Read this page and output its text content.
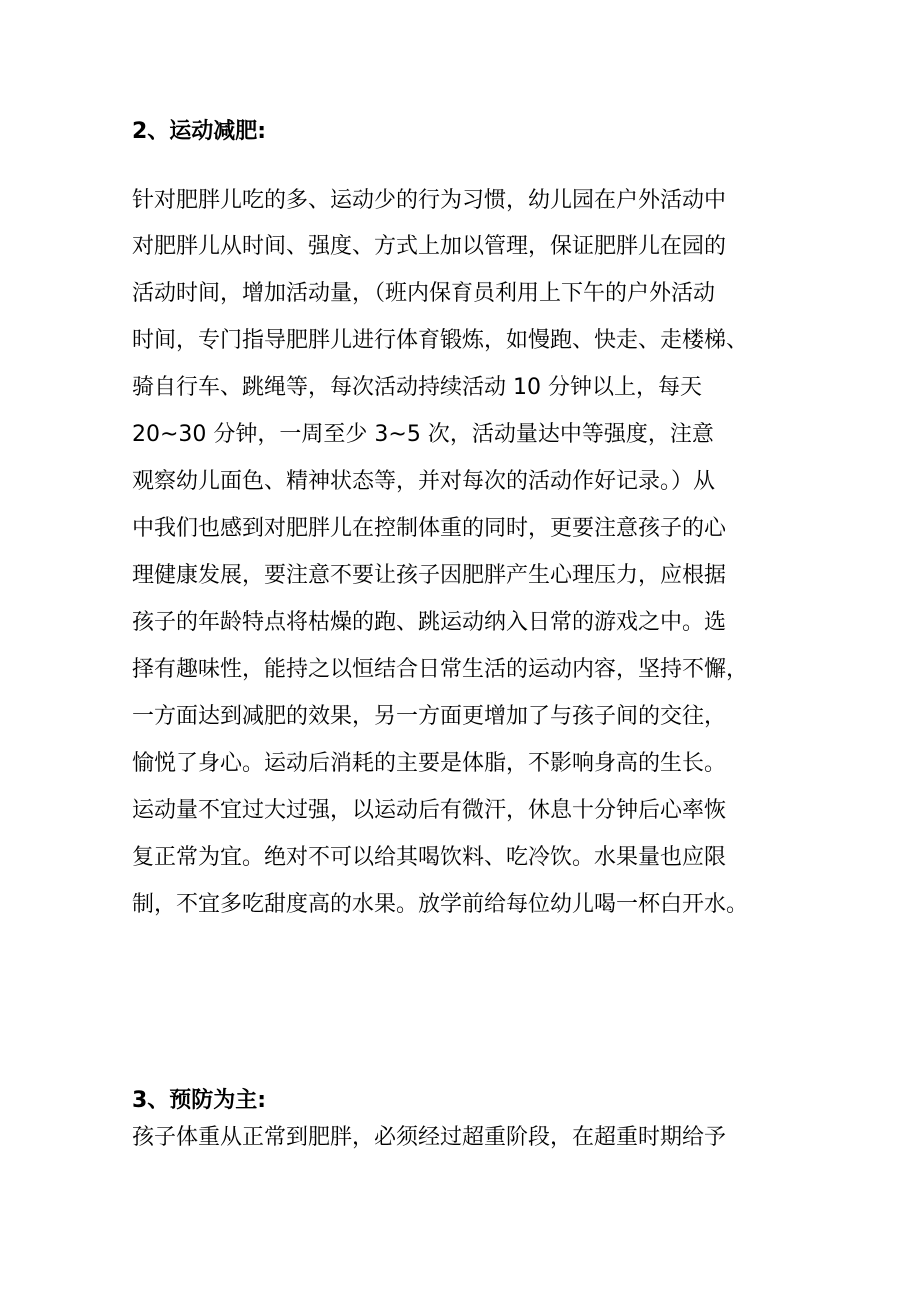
2、运动减肥:
针对肥胖儿吃的多、运动少的行为习惯，幼儿园在户外活动中
对肥胖儿从时间、强度、方式上加以管理，保证肥胖儿在园的
活动时间，增加活动量，（班内保育员利用上下午的户外活动
时间，专门指导肥胖儿进行体育锻炼，如慢跑、快走、走楼梯、
骑自行车、跳绳等，每次活动持续活动 10 分钟以上，每天
20~30 分钟，一周至少 3~5 次，活动量达中等强度，注意
观察幼儿面色、精神状态等，并对每次的活动作好记录。）从
中我们也感到对肥胖儿在控制体重的同时，更要注意孩子的心
理健康发展，要注意不要让孩子因肥胖产生心理压力，应根据
孩子的年龄特点将枯燥的跑、跳运动纳入日常的游戏之中。选
择有趣味性，能持之以恒结合日常生活的运动内容，坚持不懈，
一方面达到减肥的效果，另一方面更增加了与孩子间的交往，
愉悦了身心。运动后消耗的主要是体脂，不影响身高的生长。
运动量不宜过大过强，以运动后有微汗，休息十分钟后心率恢
复正常为宜。绝对不可以给其喝饮料、吃冷饮。水果量也应限
制，不宜多吃甜度高的水果。放学前给每位幼儿喝一杯白开水。
3、预防为主:
孩子体重从正常到肥胖，必须经过超重阶段，在超重时期给予
